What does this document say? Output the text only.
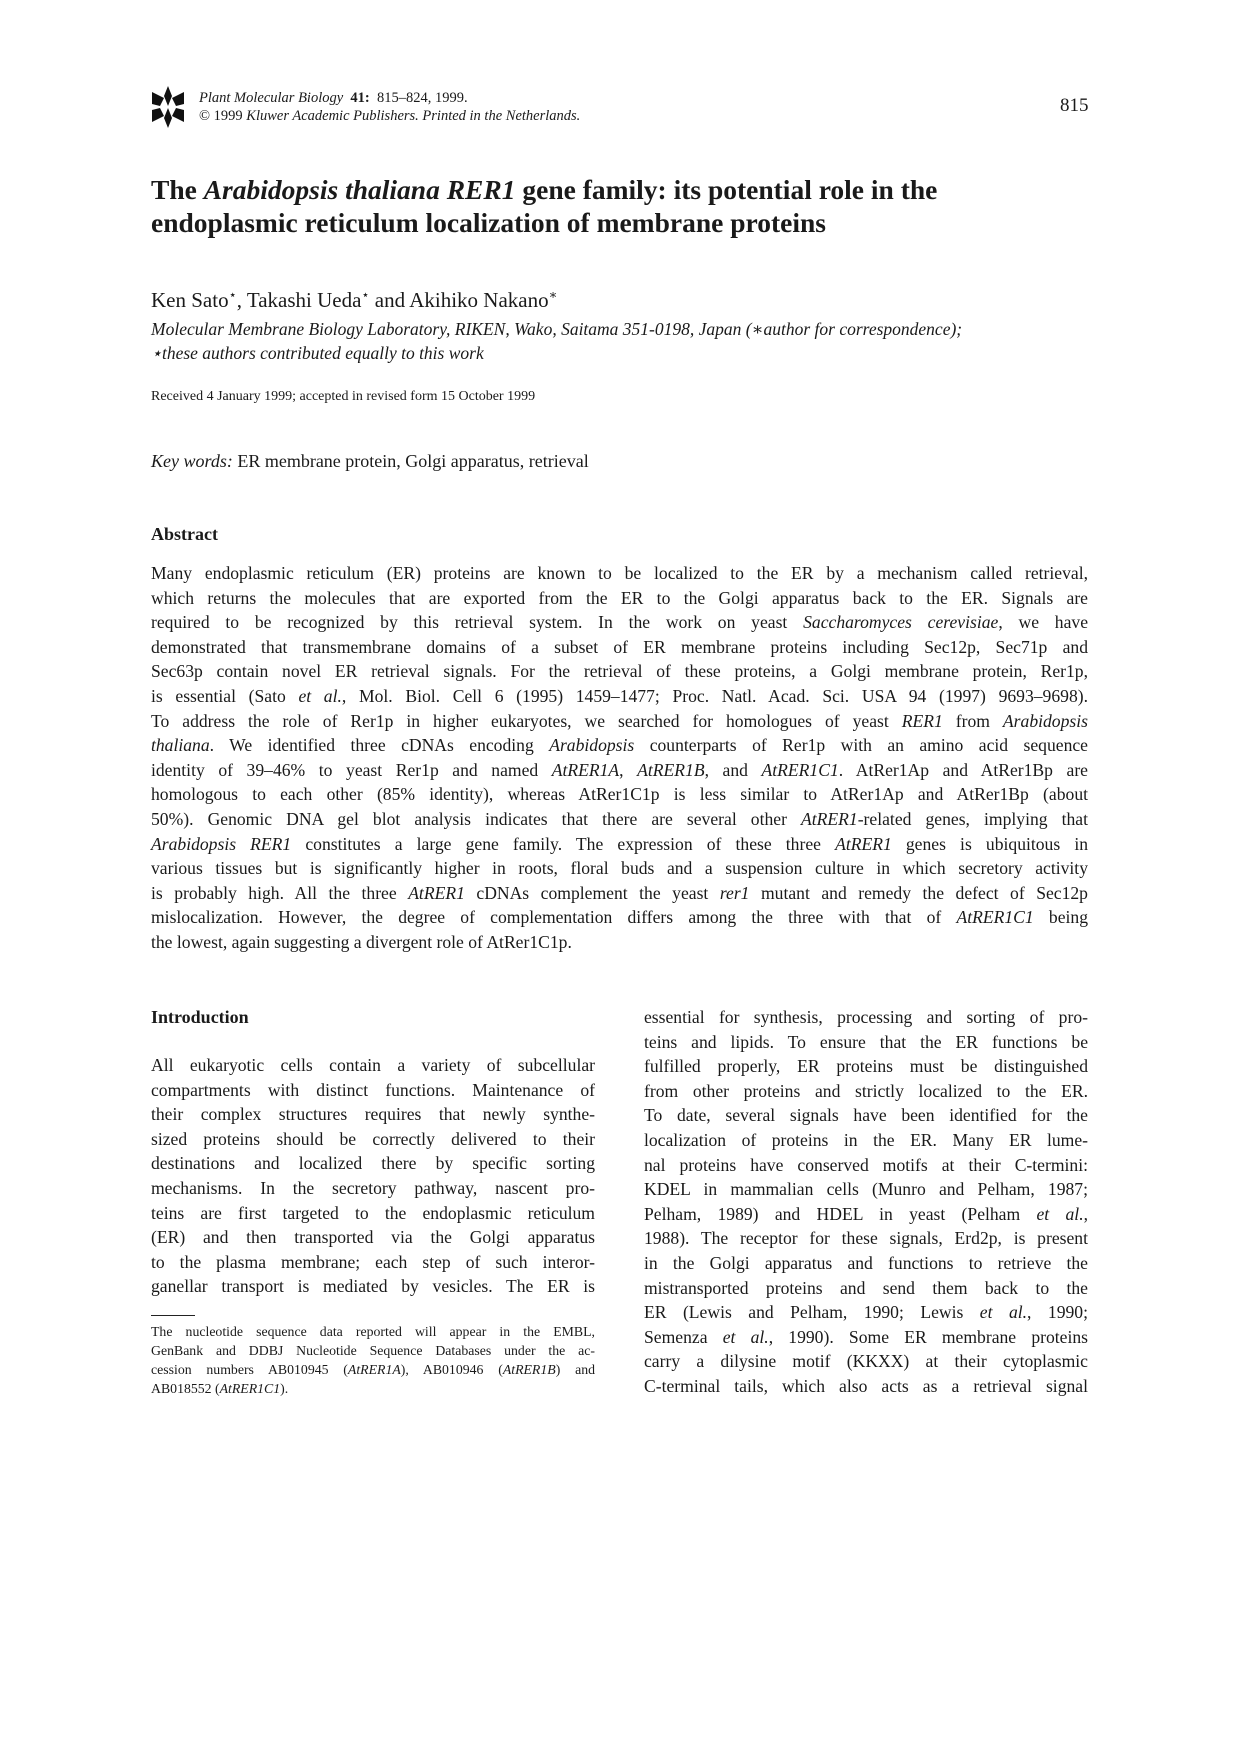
Plant Molecular Biology 41: 815–824, 1999.
© 1999 Kluwer Academic Publishers. Printed in the Netherlands.	815
The Arabidopsis thaliana RER1 gene family: its potential role in the
endoplasmic reticulum localization of membrane proteins
Ken Sato⋆, Takashi Ueda⋆ and Akihiko Nakano∗
Molecular Membrane Biology Laboratory, RIKEN, Wako, Saitama 351-0198, Japan (∗author for correspondence);
⋆these authors contributed equally to this work
Received 4 January 1999; accepted in revised form 15 October 1999
Key words: ER membrane protein, Golgi apparatus, retrieval
Abstract
Many endoplasmic reticulum (ER) proteins are known to be localized to the ER by a mechanism called retrieval,
which returns the molecules that are exported from the ER to the Golgi apparatus back to the ER. Signals are
required to be recognized by this retrieval system. In the work on yeast Saccharomyces cerevisiae, we have
demonstrated that transmembrane domains of a subset of ER membrane proteins including Sec12p, Sec71p and
Sec63p contain novel ER retrieval signals. For the retrieval of these proteins, a Golgi membrane protein, Rer1p,
is essential (Sato et al., Mol. Biol. Cell 6 (1995) 1459–1477; Proc. Natl. Acad. Sci. USA 94 (1997) 9693–9698).
To address the role of Rer1p in higher eukaryotes, we searched for homologues of yeast RER1 from Arabidopsis
thaliana. We identified three cDNAs encoding Arabidopsis counterparts of Rer1p with an amino acid sequence
identity of 39–46% to yeast Rer1p and named AtRER1A, AtRER1B, and AtRER1C1. AtRer1Ap and AtRer1Bp are
homologous to each other (85% identity), whereas AtRer1C1p is less similar to AtRer1Ap and AtRer1Bp (about
50%). Genomic DNA gel blot analysis indicates that there are several other AtRER1-related genes, implying that
Arabidopsis RER1 constitutes a large gene family. The expression of these three AtRER1 genes is ubiquitous in
various tissues but is significantly higher in roots, floral buds and a suspension culture in which secretory activity
is probably high. All the three AtRER1 cDNAs complement the yeast rer1 mutant and remedy the defect of Sec12p
mislocalization. However, the degree of complementation differs among the three with that of AtRER1C1 being
the lowest, again suggesting a divergent role of AtRer1C1p.
Introduction
All eukaryotic cells contain a variety of subcellular
compartments with distinct functions. Maintenance of
their complex structures requires that newly synthe-
sized proteins should be correctly delivered to their
destinations and localized there by specific sorting
mechanisms. In the secretory pathway, nascent pro-
teins are first targeted to the endoplasmic reticulum
(ER) and then transported via the Golgi apparatus
to the plasma membrane; each step of such interor-
ganellar transport is mediated by vesicles. The ER is
The nucleotide sequence data reported will appear in the EMBL,
GenBank and DDBJ Nucleotide Sequence Databases under the ac-
cession numbers AB010945 (AtRER1A), AB010946 (AtRER1B) and
AB018552 (AtRER1C1).
essential for synthesis, processing and sorting of pro-
teins and lipids. To ensure that the ER functions be
fulfilled properly, ER proteins must be distinguished
from other proteins and strictly localized to the ER.
To date, several signals have been identified for the
localization of proteins in the ER. Many ER lume-
nal proteins have conserved motifs at their C-termini:
KDEL in mammalian cells (Munro and Pelham, 1987;
Pelham, 1989) and HDEL in yeast (Pelham et al.,
1988). The receptor for these signals, Erd2p, is present
in the Golgi apparatus and functions to retrieve the
mistransported proteins and send them back to the
ER (Lewis and Pelham, 1990; Lewis et al., 1990;
Semenza et al., 1990). Some ER membrane proteins
carry a dilysine motif (KKXX) at their cytoplasmic
C-terminal tails, which also acts as a retrieval signal
